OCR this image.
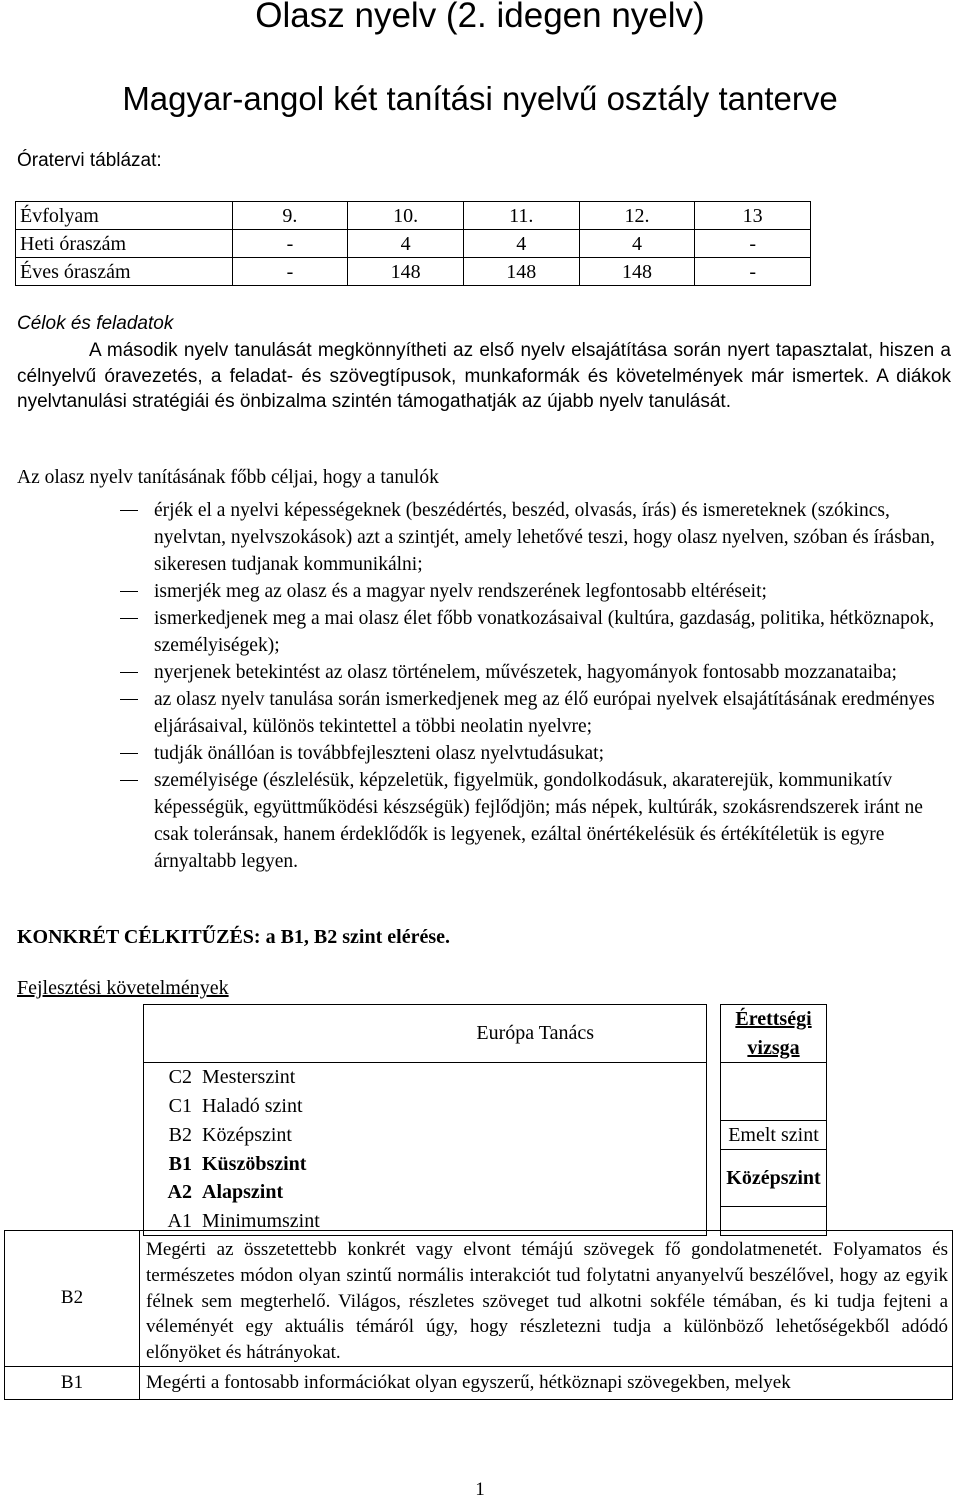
Olasz nyelv (2. idegen nyelv)
Magyar-angol két tanítási nyelvű osztály tanterve
Óratervi táblázat:
Évfolyam	9.	10.	11.	12.	13
Heti óraszám	-	4	4	4	-
Éves óraszám	-	148	148	148	-
Célok és feladatok
A második nyelv tanulását megkönnyítheti az első nyelv elsajátítása során nyert tapasztalat, hiszen a célnyelvű óravezetés, a feladat- és szövegtípusok, munkaformák és követelmények már ismertek. A diákok nyelvtanulási stratégiái és önbizalma szintén támogathatják az újabb nyelv tanulását.
Az olasz nyelv tanításának főbb céljai, hogy a tanulók
érjék el a nyelvi képességeknek (beszédértés, beszéd, olvasás, írás) és ismereteknek (szókincs, nyelvtan, nyelvszokások) azt a szintjét, amely lehetővé teszi, hogy olasz nyelven, szóban és írásban, sikeresen tudjanak kommunikálni;
ismerjék meg az olasz és a magyar nyelv rendszerének legfontosabb eltéréseit;
ismerkedjenek meg a mai olasz élet főbb vonatkozásaival (kultúra, gazdaság, politika, hétköznapok, személyiségek);
nyerjenek betekintést az olasz történelem, művészetek, hagyományok fontosabb mozzanataiba;
az olasz nyelv tanulása során ismerkedjenek meg az élő európai nyelvek elsajátításának eredményes eljárásaival, különös tekintettel a többi neolatin nyelvre;
tudják önállóan is továbbfejleszteni olasz nyelvtudásukat;
személyisége (észlelésük, képzeletük, figyelmük, gondolkodásuk, akaraterejük, kommunikatív képességük, együttműködési készségük) fejlődjön; más népek, kultúrák, szokásrendszerek iránt ne csak toleránsak, hanem érdeklődők is legyenek, ezáltal önértékelésük és értékítéletük is egyre árnyaltabb legyen.
KONKRÉT CÉLKITŰZÉS: a B1, B2 szint elérése.
Fejlesztési követelmények
Európa Tanács		Érettségi vizsga

C2 Mesterszint
C1 Haladó szint		

B2 Középszint		Emelt szint

B1 Küszöbszint
A2 Alapszint		Középszint

A1 Minimumszint		

B2	Megérti az összetettebb konkrét vagy elvont témájú szövegek fő gondolatmenetét. Folyamatos és természetes módon olyan szintű normális interakciót tud folytatni anyanyelvű beszélővel, hogy az egyik félnek sem megterhelő. Világos, részletes szöveget tud alkotni sokféle témában, és ki tudja fejteni a véleményét egy aktuális témáról úgy, hogy részletezni tudja a különböző lehetőségekből adódó előnyöket és hátrányokat.
B1	Megérti a fontosabb információkat olyan egyszerű, hétköznapi szövegekben, melyek
1
